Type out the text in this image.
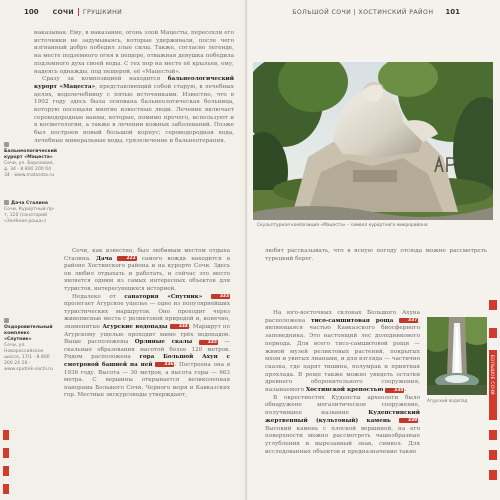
100 СОЧИ ГРУШКИНИ

наказывая. Ему, в наказание, огонь злой Мацесты, пересохли его источники не задумываясь, которые удерживали, после чего изгнанный добро победил злые силы. Также, согласно легенде, на месте подземного огня в пещере, отважная девушка победила подземного духа своей воды. С тех пор на месте её крыльев, ему, надеясь однажды, под пещерой, её «Мацестой».

Сразу за композицией находится бальнеологический курорт «Мацеста», представляющий собой старую, в лечебных целях, водолечебницу с пятью источниками. Известно, что в 1902 году здесь была основана бальнеологическая больница, которую посещали многие известные люди. Лечение включает сероводородные ванны, которые, помимо прочего, используют и в косметологии, а также в лечении кожных заболеваний. Позже был построен новый большой корпус; сероводородная вода, лечебные минеральные воды, грязелечение и бальнеотерапия.

Бальнеологический курорт «Мацеста»
Сочи, ул. Березовая, д. 34 · 8 800 200 04 34 · www.matsesta.ru
Дача Сталина
Сочи, Курортный пр-т, 120 (санаторий «Зелёная роща»)
Оздоровительный комплекс «Спутник»
Сочи, ул. Новороссийское шоссе, 17/1 · 8 800 200 24 26 · www.sputnik-sochi.ru

Сочи, как известно, был любимым местом отдыха Сталина. Дача	222 самого вождя находится в районе Хостинского района и на курорте Сочи. Здесь он любил отдыхать и работать, и сейчас это место является одним из самых интересных объектов для туристов, интересующихся историей.

Недалеко от санатория «Спутник»	333 пролегает Агурское ущелье — одно из популярнейших туристических маршрутов. Оно проходит через живописные места с реликтовой природой и, конечно, знаменитые Агурские водопады	334. Маршрут по Агурскому ущелью проходит мимо трёх водопадов. Выше расположены Орлиные скалы	335 — скальные образования высотой более 120 метров. Рядом расположена гора Большой Ахун с смотровой башней на ней	336. Построена она в 1936 году. Высота — 30 метров, а высота горы — 663 метра. С вершины открывается великолепная панорама Большого Сочи, Черного моря и Кавказских гор. Местные экскурсоводы утверждают,

БОЛЬШОЙ СОЧИ | ХОСТИНСКИЙ РАЙОН 101
Скульптурная композиция «Мацеста» – символ курортного микрорайона

любят рассказывать, что в ясную погоду отсюда можно рассмотреть турецкий берег.

На юго-восточных склонах Большого Ахуна расположена тисо-самшитовая роща	337, являющаяся частью Кавказского биосферного заповедника. Это настоящий лес доледникового периода. Для всего тисо-самшитовой рощи — живой музей реликтовых растений, покрытых мхом и увитых лианами, и для взгляда — частично сказка, где царят тишина, полумрак и приятная прохлада. В роще также можно увидеть остатки древнего оборонительного сооружения, называемого Хостинской крепостью 338.

В окрестностях Кудепсты археологи было обнаружено мегалитическое сооружение, получившее название Кудепстинский жертвенный (культовый) камень	339. Высокий камень с плоской вершиной, на его поверхности можно рассмотреть чашеобразные углубления и вырезанный знак, символ. Для исследованных объектов и предназначение такие

Агурский водопад
БОЛЬШОЕ СОЧИ
